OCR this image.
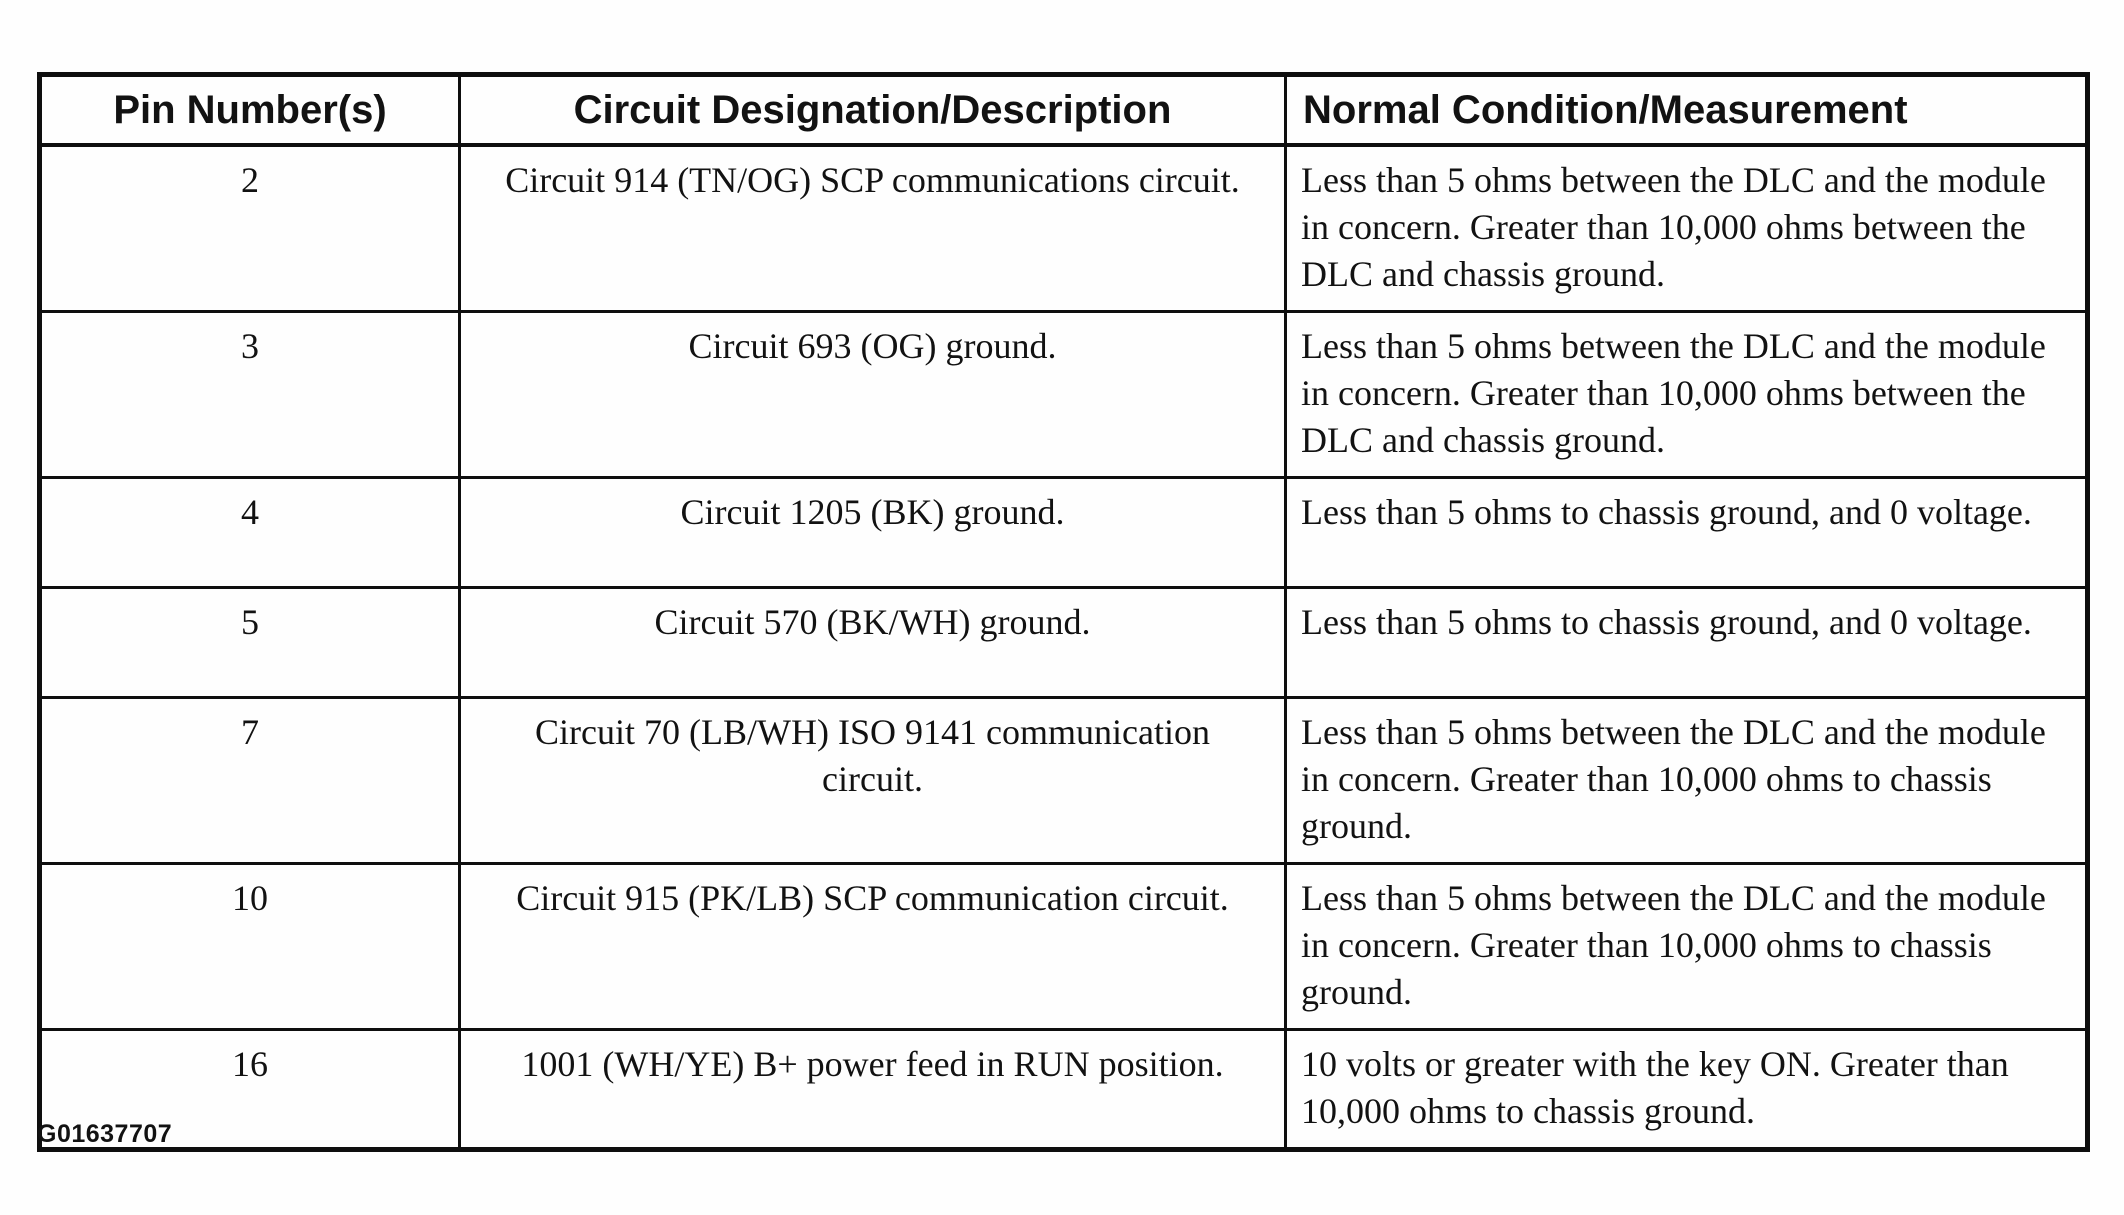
Pin Number(s)	Circuit Designation/Description	Normal Condition/Measurement
2	Circuit 914 (TN/OG) SCP communications circuit.	Less than 5 ohms between the DLC and the module in concern. Greater than 10,000 ohms between the DLC and chassis ground.
3	Circuit 693 (OG) ground.	Less than 5 ohms between the DLC and the module in concern. Greater than 10,000 ohms between the DLC and chassis ground.
4	Circuit 1205 (BK) ground.	Less than 5 ohms to chassis ground, and 0 voltage.
5	Circuit 570 (BK/WH) ground.	Less than 5 ohms to chassis ground, and 0 voltage.
7	Circuit 70 (LB/WH) ISO 9141 communication circuit.	Less than 5 ohms between the DLC and the module in concern. Greater than 10,000 ohms to chassis ground.
10	Circuit 915 (PK/LB) SCP communication circuit.	Less than 5 ohms between the DLC and the module in concern. Greater than 10,000 ohms to chassis ground.
16	1001 (WH/YE) B+ power feed in RUN position.	10 volts or greater with the key ON. Greater than 10,000 ohms to chassis ground.
G01637707
